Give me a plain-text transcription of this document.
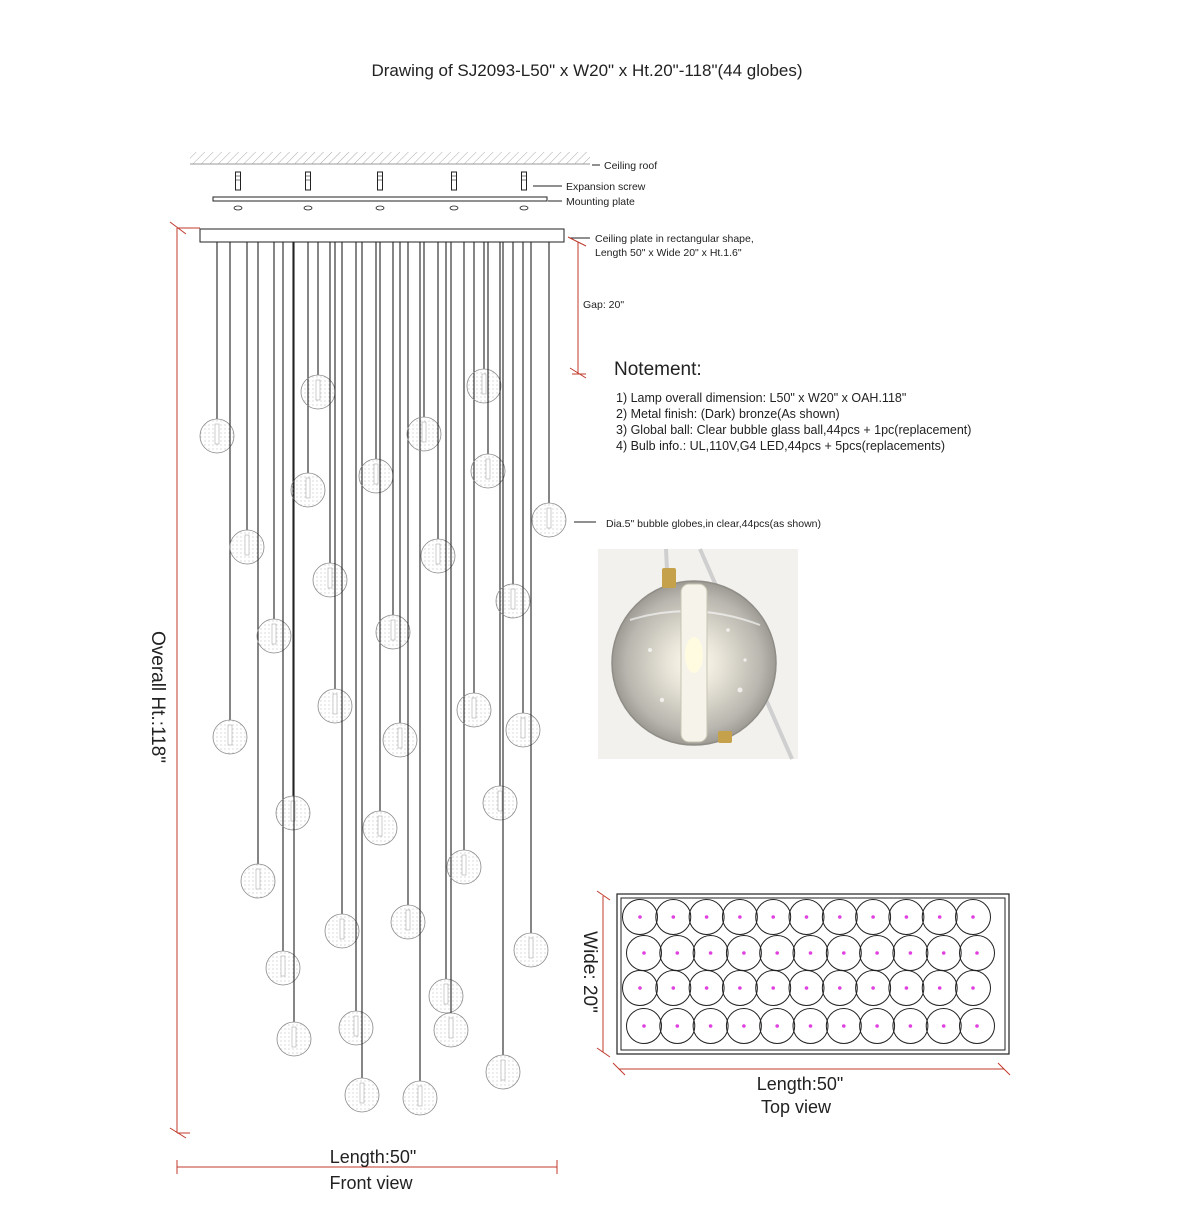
Drawing of SJ2093-L50" x W20" x Ht.20"-118"(44 globes)
Ceiling roof
Expansion screw
Mounting plate
Ceiling plate in rectangular shape,
Length 50" x Wide 20" x Ht.1.6"
Gap: 20"
Dia.5" bubble globes,in clear,44pcs(as shown)
Notement:
1) Lamp overall dimension: L50" x W20" x OAH.118"
2) Metal finish: (Dark) bronze(As shown)
3) Global ball: Clear bubble glass ball,44pcs + 1pc(replacement)
4) Bulb info.: UL,110V,G4 LED,44pcs + 5pcs(replacements)
Overall Ht.:118"
Length:50"
Front view
Wide: 20"
Length:50"
Top view
